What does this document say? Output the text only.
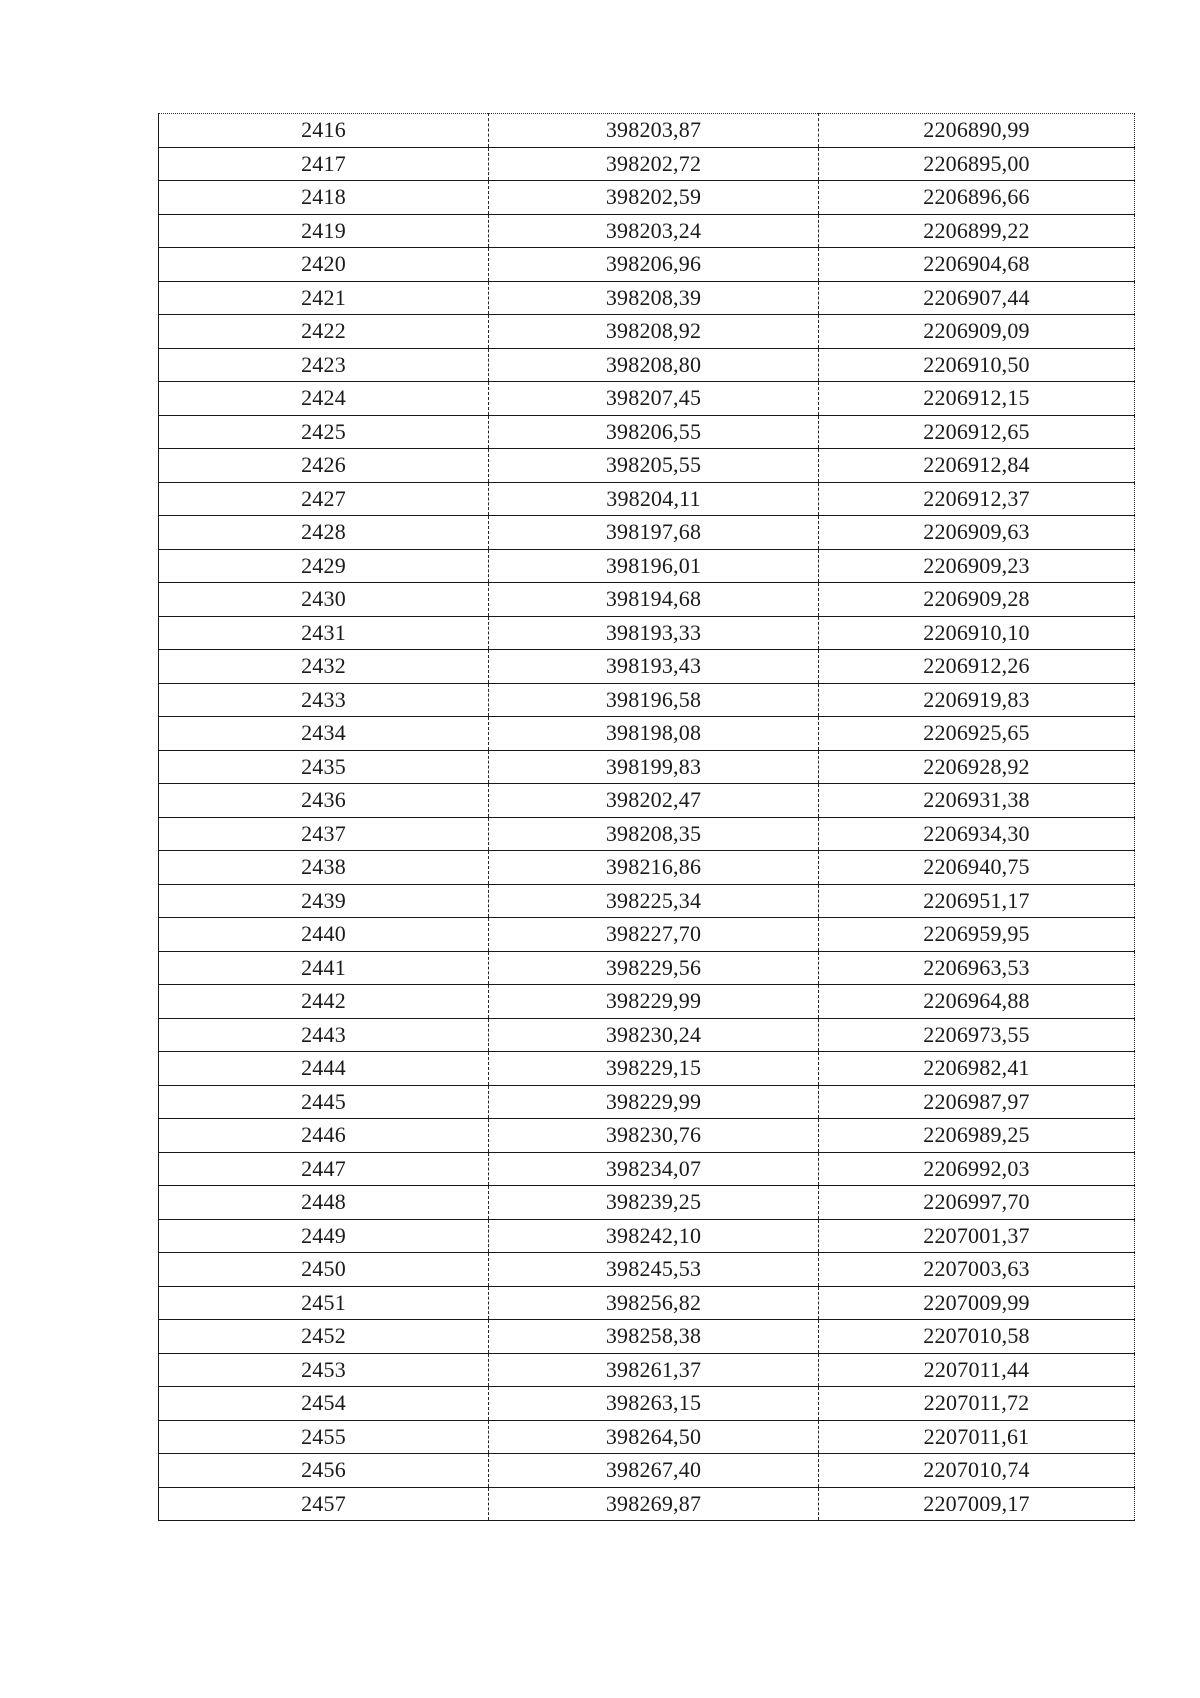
2416	398203,87	2206890,99
2417	398202,72	2206895,00
2418	398202,59	2206896,66
2419	398203,24	2206899,22
2420	398206,96	2206904,68
2421	398208,39	2206907,44
2422	398208,92	2206909,09
2423	398208,80	2206910,50
2424	398207,45	2206912,15
2425	398206,55	2206912,65
2426	398205,55	2206912,84
2427	398204,11	2206912,37
2428	398197,68	2206909,63
2429	398196,01	2206909,23
2430	398194,68	2206909,28
2431	398193,33	2206910,10
2432	398193,43	2206912,26
2433	398196,58	2206919,83
2434	398198,08	2206925,65
2435	398199,83	2206928,92
2436	398202,47	2206931,38
2437	398208,35	2206934,30
2438	398216,86	2206940,75
2439	398225,34	2206951,17
2440	398227,70	2206959,95
2441	398229,56	2206963,53
2442	398229,99	2206964,88
2443	398230,24	2206973,55
2444	398229,15	2206982,41
2445	398229,99	2206987,97
2446	398230,76	2206989,25
2447	398234,07	2206992,03
2448	398239,25	2206997,70
2449	398242,10	2207001,37
2450	398245,53	2207003,63
2451	398256,82	2207009,99
2452	398258,38	2207010,58
2453	398261,37	2207011,44
2454	398263,15	2207011,72
2455	398264,50	2207011,61
2456	398267,40	2207010,74
2457	398269,87	2207009,17
